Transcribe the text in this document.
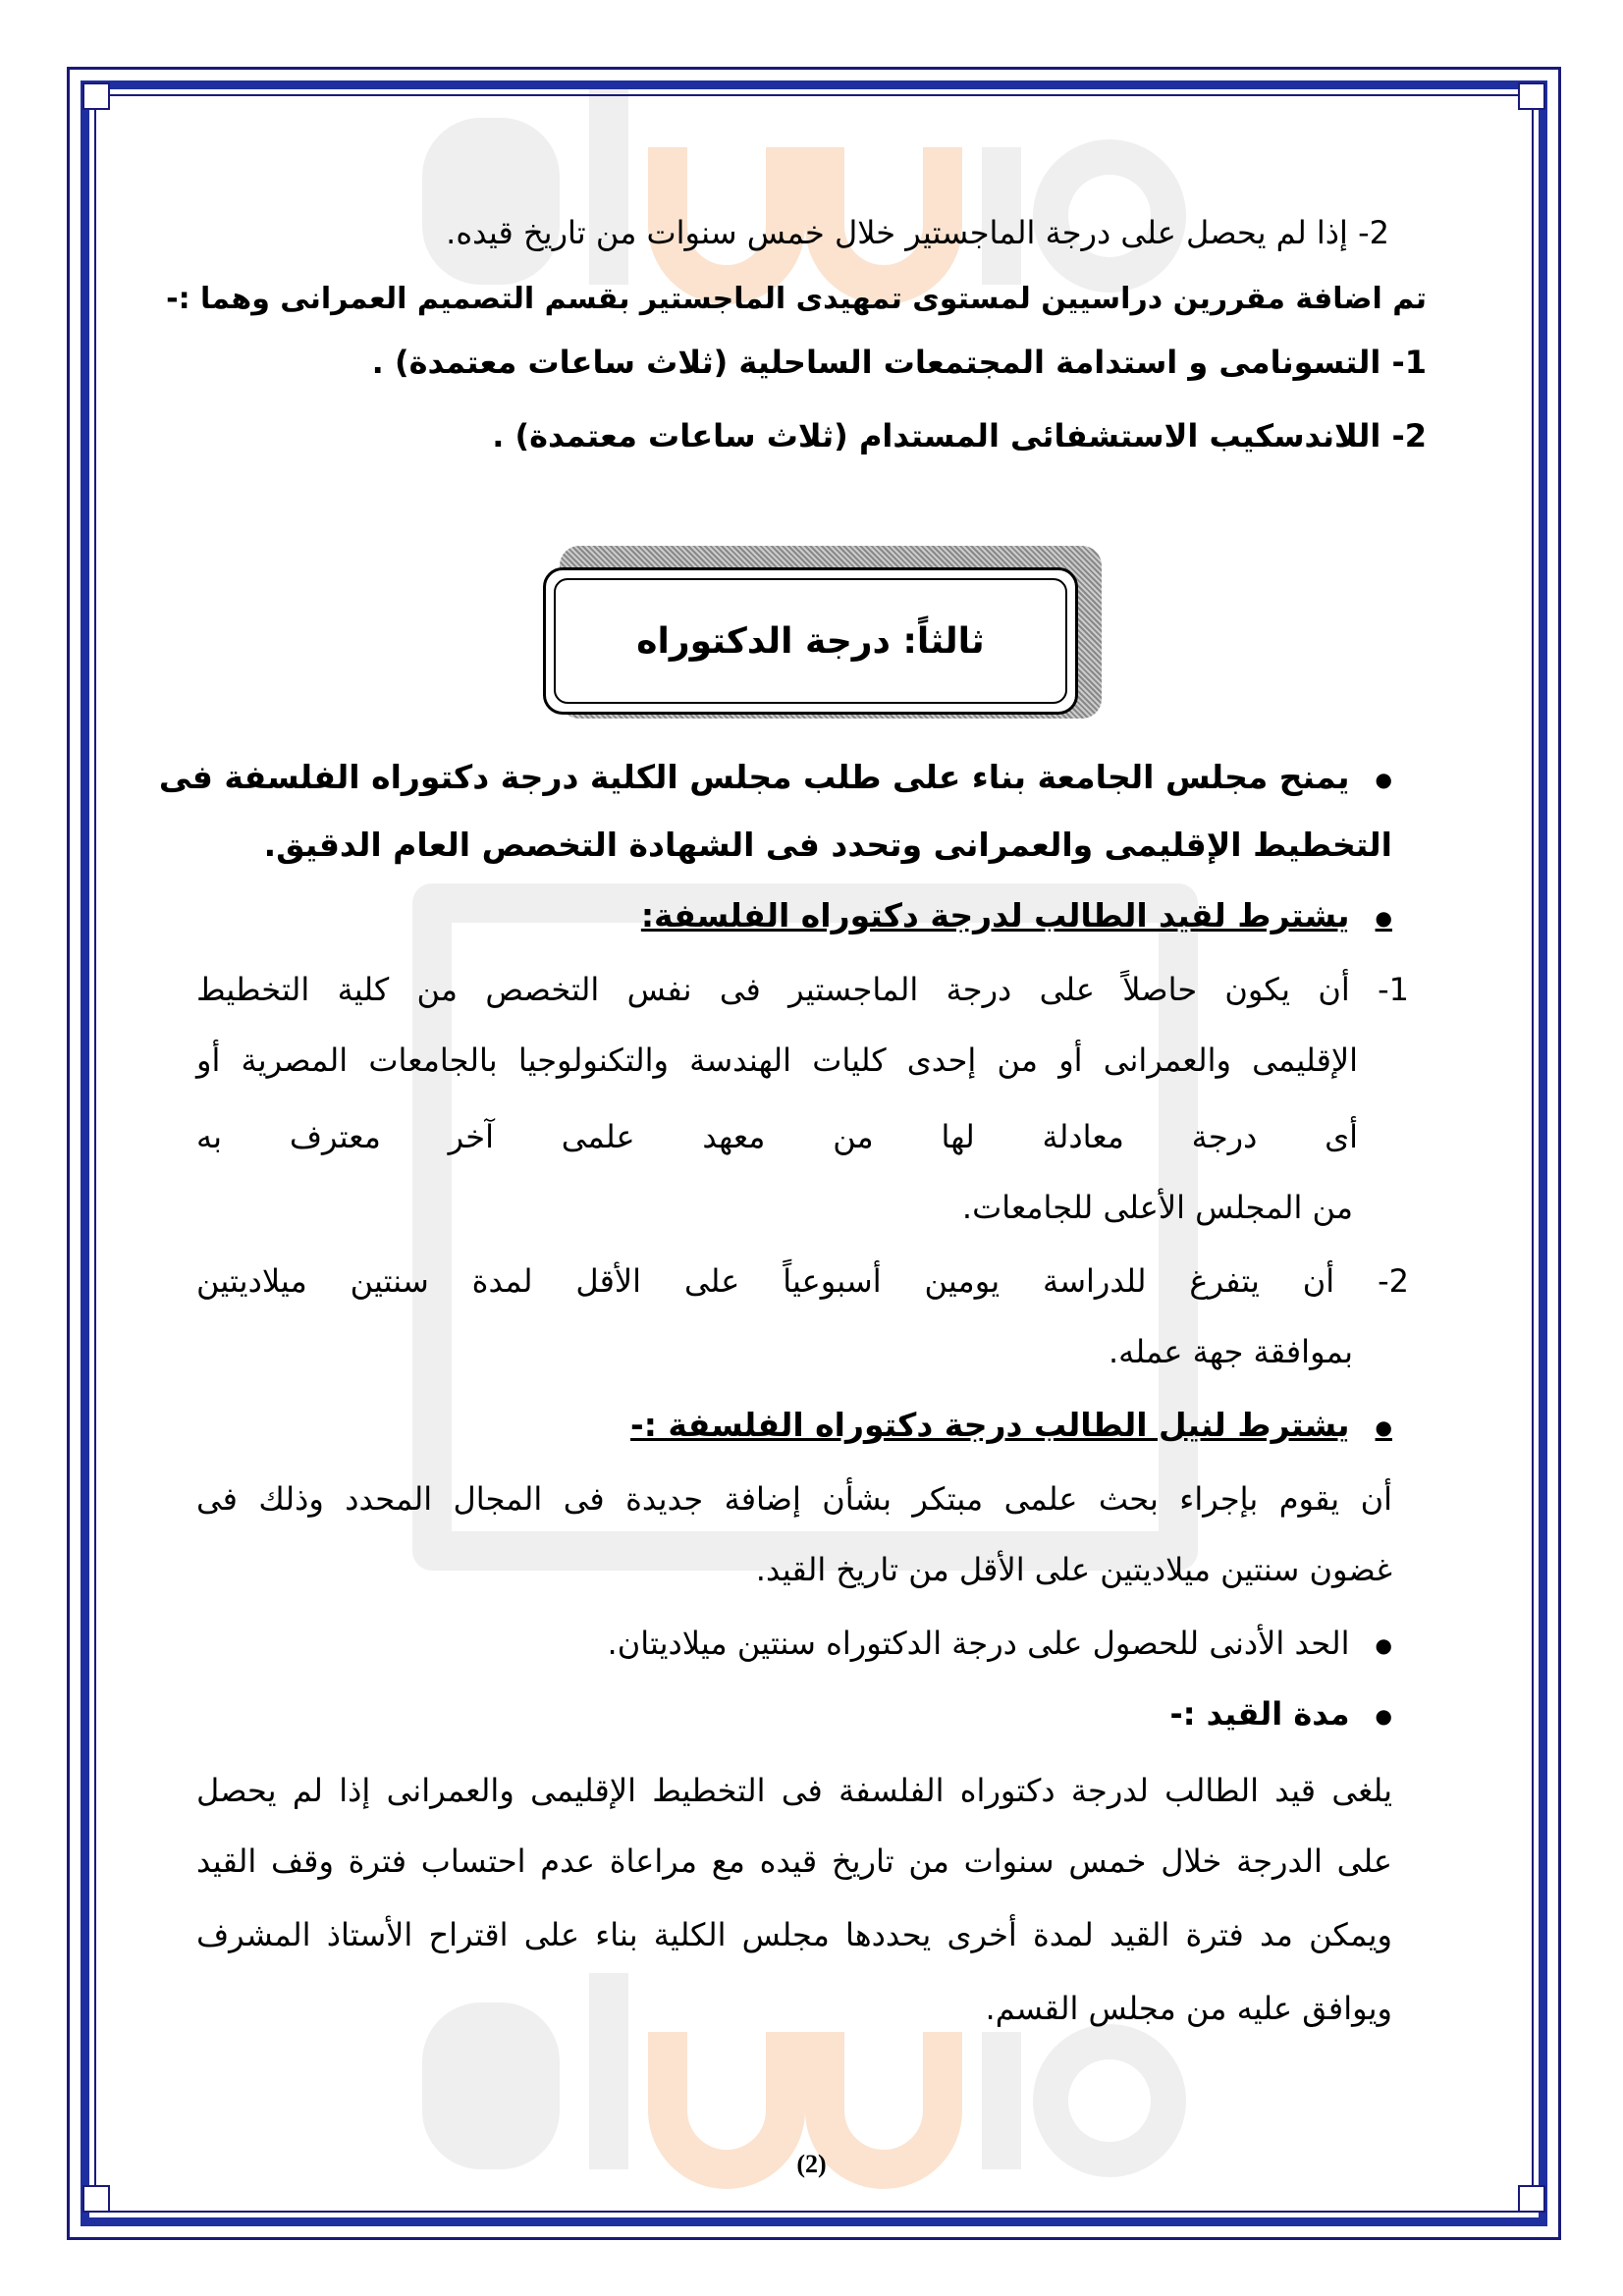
2- إذا لم يحصل على درجة الماجستير خلال خمس سنوات من تاريخ قيده.
تم اضافة مقررين دراسيين لمستوى تمهيدى الماجستير بقسم التصميم العمرانى وهما :-
1- التسونامى و استدامة المجتمعات الساحلية (ثلاث ساعات معتمدة) .
2- اللاندسكيب الاستشفائى المستدام (ثلاث ساعات معتمدة) .
ثالثاً:

درجة الدكتوراه
● يمنح مجلس الجامعة بناء على طلب مجلس الكلية درجة دكتوراه الفلسفة فى
التخطيط الإقليمى والعمرانى وتحدد فى الشهادة التخصص العام الدقيق.
● يشترط لقيد الطالب لدرجة دكتوراه الفلسفة:
1- أن يكون حاصلاً على درجة الماجستير فى نفس التخصص من كلية التخطيط
الإقليمى والعمرانى أو من إحدى كليات الهندسة والتكنولوجيا بالجامعات المصرية أو
أى درجة معادلة لها من معهد علمى آخر معترف به
من المجلس الأعلى للجامعات.
2- أن يتفرغ للدراسة يومين أسبوعياً على الأقل لمدة سنتين ميلاديتين
بموافقة جهة عمله.
● يشترط لنيل الطالب درجة دكتوراه الفلسفة :-
أن يقوم بإجراء بحث علمى مبتكر بشأن إضافة جديدة فى المجال المحدد وذلك فى
غضون سنتين ميلاديتين على الأقل من تاريخ القيد.
● الحد الأدنى للحصول على درجة الدكتوراه سنتين ميلاديتان.
● مدة القيد :-
يلغى قيد الطالب لدرجة دكتوراه الفلسفة فى التخطيط الإقليمى والعمرانى إذا لم يحصل
على الدرجة خلال خمس سنوات من تاريخ قيده مع مراعاة عدم احتساب فترة وقف القيد
ويمكن مد فترة القيد لمدة أخرى يحددها مجلس الكلية بناء على اقتراح الأستاذ المشرف
ويوافق عليه من مجلس القسم.
(2)
